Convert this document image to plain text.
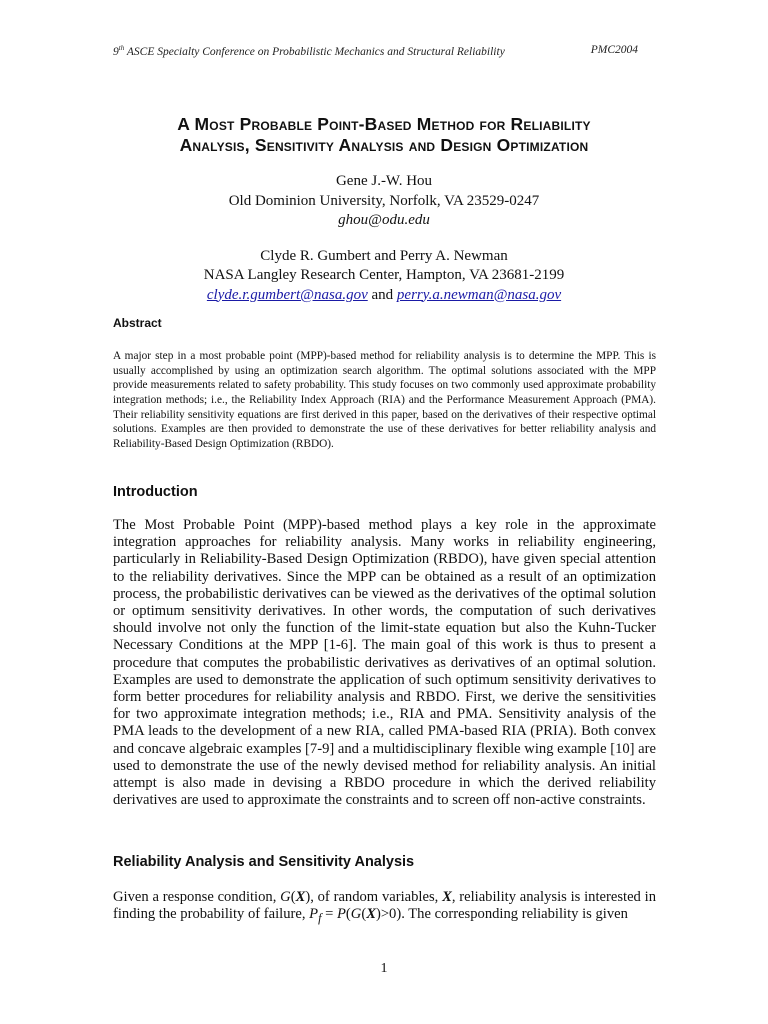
9th ASCE Specialty Conference on Probabilistic Mechanics and Structural Reliability	PMC2004
A Most Probable Point-Based Method for Reliability
Analysis, Sensitivity Analysis and Design Optimization
Gene J.-W. Hou
Old Dominion University, Norfolk, VA 23529-0247
ghou@odu.edu
Clyde R. Gumbert and Perry A. Newman
NASA Langley Research Center, Hampton, VA 23681-2199
clyde.r.gumbert@nasa.gov and perry.a.newman@nasa.gov
Abstract
A major step in a most probable point (MPP)-based method for reliability analysis is to determine the MPP. This is usually accomplished by using an optimization search algorithm. The optimal solutions associated with the MPP provide measurements related to safety probability. This study focuses on two commonly used approximate probability integration methods; i.e., the Reliability Index Approach (RIA) and the Performance Measurement Approach (PMA). Their reliability sensitivity equations are first derived in this paper, based on the derivatives of their respective optimal solutions. Examples are then provided to demonstrate the use of these derivatives for better reliability analysis and Reliability-Based Design Optimization (RBDO).
Introduction
The Most Probable Point (MPP)-based method plays a key role in the approximate integration approaches for reliability analysis. Many works in reliability engineering, particularly in Reliability-Based Design Optimization (RBDO), have given special attention to the reliability derivatives. Since the MPP can be obtained as a result of an optimization process, the probabilistic derivatives can be viewed as the derivatives of the optimal solution or optimum sensitivity derivatives. In other words, the computation of such derivatives should involve not only the function of the limit-state equation but also the Kuhn-Tucker Necessary Conditions at the MPP [1-6]. The main goal of this work is thus to present a procedure that computes the probabilistic derivatives as derivatives of an optimal solution. Examples are used to demonstrate the application of such optimum sensitivity derivatives to form better procedures for reliability analysis and RBDO. First, we derive the sensitivities for two approximate integration methods; i.e., RIA and PMA. Sensitivity analysis of the PMA leads to the development of a new RIA, called PMA-based RIA (PRIA). Both convex and concave algebraic examples [7-9] and a multidisciplinary flexible wing example [10] are used to demonstrate the use of the newly devised method for reliability analysis. An initial attempt is also made in devising a RBDO procedure in which the derived reliability derivatives are used to approximate the constraints and to screen off non-active constraints.
Reliability Analysis and Sensitivity Analysis
Given a response condition, G(X), of random variables, X, reliability analysis is interested in finding the probability of failure, $P_f = P(G(X)>0)$. The corresponding reliability is given
1
